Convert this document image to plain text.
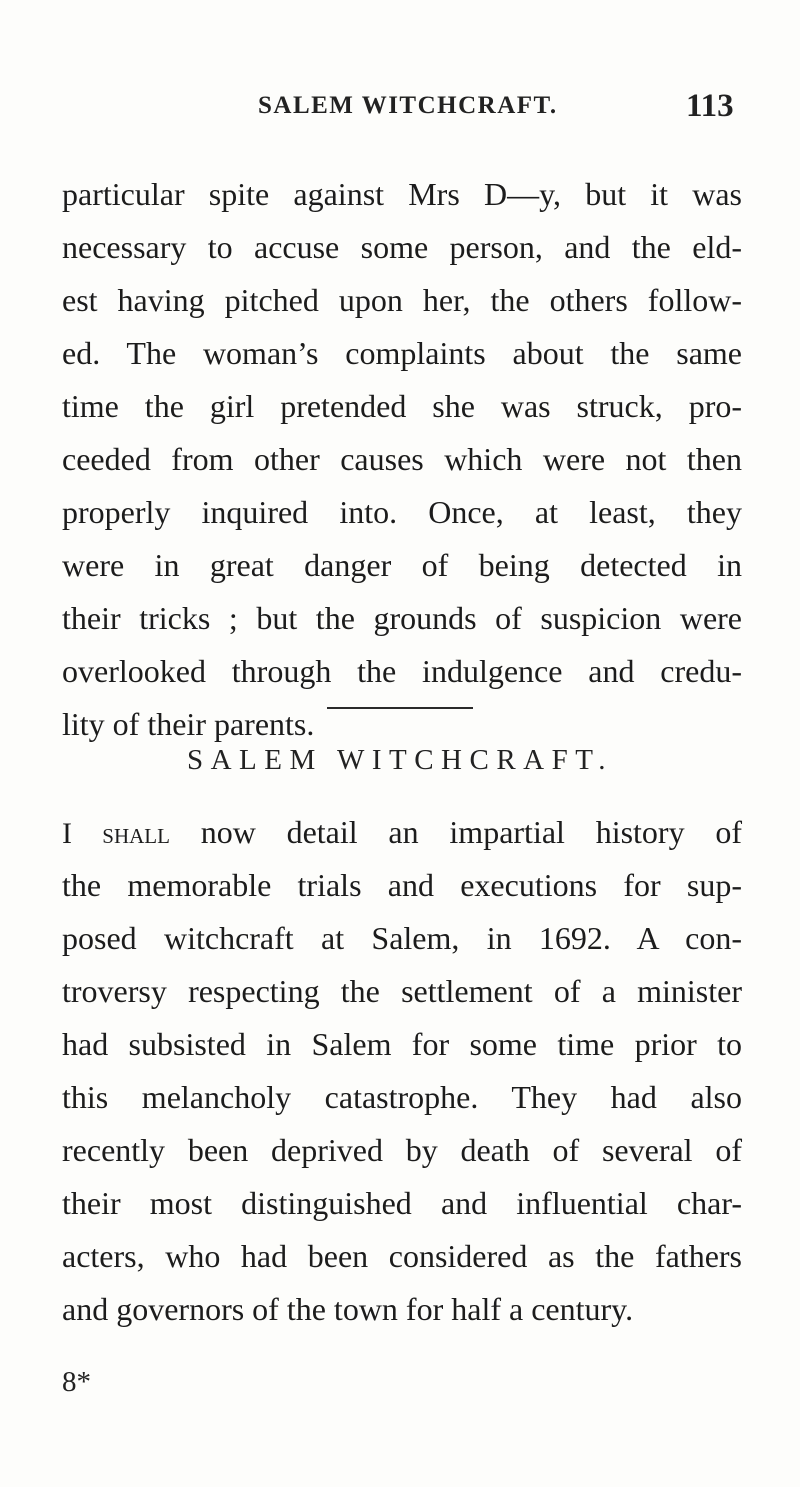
SALEM WITCHCRAFT.	113
particular spite against Mrs D—y, but it was
necessary to accuse some person, and the eld-
est having pitched upon her, the others follow-
ed. The woman’s complaints about the same
time the girl pretended she was struck, pro-
ceeded from other causes which were not then
properly inquired into. Once, at least, they
were in great danger of being detected in
their tricks ; but the grounds of suspicion were
overlooked through the indulgence and credu-
lity of their parents.
SALEM WITCHCRAFT.
I shall now detail an impartial history of
the memorable trials and executions for sup-
posed witchcraft at Salem, in 1692. A con-
troversy respecting the settlement of a minister
had subsisted in Salem for some time prior to
this melancholy catastrophe. They had also
recently been deprived by death of several of
their most distinguished and influential char-
acters, who had been considered as the fathers
and governors of the town for half a century.
8*
